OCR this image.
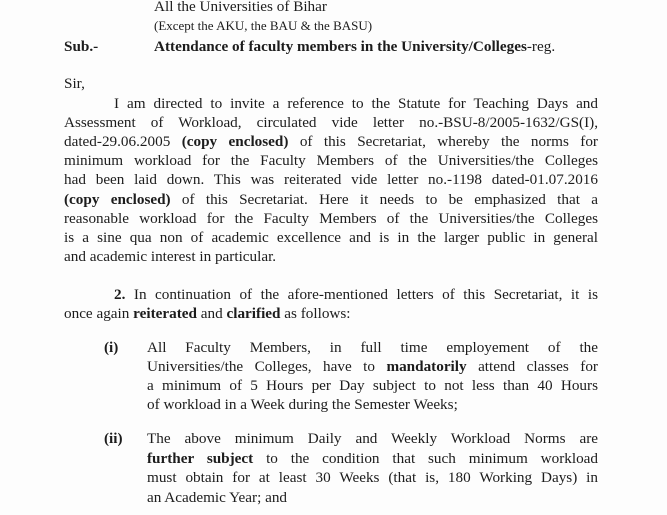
All the Universities of Bihar
(Except the AKU, the BAU & the BASU)
Sub.-	Attendance of faculty members in the University/Colleges-reg.
Sir,
I am directed to invite a reference to the Statute for Teaching Days and
Assessment of Workload, circulated vide letter no.-BSU-8/2005-1632/GS(I),
dated-29.06.2005 (copy enclosed) of this Secretariat, whereby the norms for
minimum workload for the Faculty Members of the Universities/the Colleges
had been laid down. This was reiterated vide letter no.-1198 dated-01.07.2016
(copy enclosed) of this Secretariat. Here it needs to be emphasized that a
reasonable workload for the Faculty Members of the Universities/the Colleges
is a sine qua non of academic excellence and is in the larger public in general
and academic interest in particular.
2. In continuation of the afore-mentioned letters of this Secretariat, it is
once again reiterated and clarified as follows:
(i) All Faculty Members, in full time employement of the
Universities/the Colleges, have to mandatorily attend classes for
a minimum of 5 Hours per Day subject to not less than 40 Hours
of workload in a Week during the Semester Weeks;
(ii) The above minimum Daily and Weekly Workload Norms are
further subject to the condition that such minimum workload
must obtain for at least 30 Weeks (that is, 180 Working Days) in
an Academic Year; and
